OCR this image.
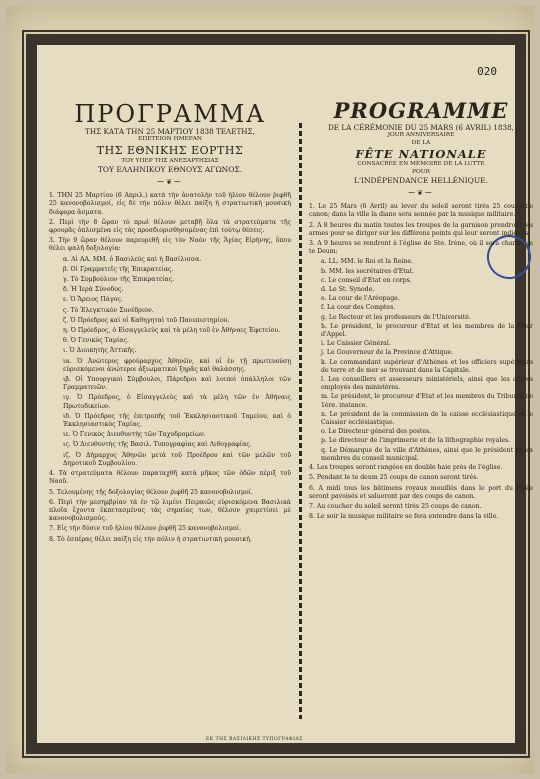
020
ΠΡΟΓΡΑΜΜΑ
ΤΗΣ ΚΑΤΑ ΤΗΝ 25 ΜΑΡΤΙΟΥ 1838 ΤΕΛΕΤΗΣ,
ΕΠΕΤΕΙΟΝ ΗΜΕΡΑΝ
ΤΗΣ ΕΘΝΙΚΗΣ ΕΟΡΤΗΣ
ΤΟΥ ΥΠΕΡ ΤΗΣ ΑΝΕΞΑΡΤΗΣΙΑΣ
ΤΟΥ ΕΛΛΗΝΙΚΟΥ ΕΘΝΟΥΣ ΑΓΩΝΟΣ.
⁓❦⁓

1. ΤΗΝ 25 Μαρτίου (6 Απριλ.) κατὰ τὴν ἀνατολὴν τοῦ ἡλίου θέλουν ῥιφθῆ 25 κανονοβολισμοί, εἰς δὲ τὴν πόλιν θέλει παίξη ἡ στρατιωτικὴ μουσικὴ διάφορα ἄσματα.

2. Περὶ τὴν 8 ὥραν τὸ πρωὶ θέλουν μεταβῆ ὅλα τὰ στρατεύματα τῆς φρουρᾶς ὁπλισμένα εἰς τὰς προσδιορισθησομένας ἐπὶ τούτῳ θέσεις.

3. Τὴν 9 ὥραν θέλουν παρευρεθῆ εἰς τὸν Ναὸν τῆς Ἁγίας Εἰρήνης, ὅπου θέλει ψαλῆ δοξολογία:

α. Αἱ ΑΑ. ΜΜ. ὁ Βασιλεὺς καὶ ἡ Βασίλισσα.

β. Οἱ Γραμματεῖς τῆς Ἐπικρατείας.

γ. Τὸ Συμβούλιον τῆς Ἐπικρατείας.

δ. Ἡ Ἱερὰ Σύνοδος.

ε. Ὁ Ἄρειος Πάγος.

ς. Τὸ Ἐλεγκτικὸν Συνέδριον.

ζ. Ὁ Πρόεδρος καὶ οἱ Καθηγηταὶ τοῦ Πανεπιστημίου.

η. Ὁ Πρόεδρος, ὁ Εἰσαγγελεὺς καὶ τὰ μέλη τοῦ ἐν Ἀθήναις Ἐφετείου.

θ. Ὁ Γενικὸς Ταμίας.

ι. Ὁ Διοικητὴς Ἀττικῆς.

ια. Ὁ Ἀνώτερος φρούραρχος Ἀθηνῶν, καὶ οἱ ἐν τῇ πρωτευούσῃ εὑρισκόμενοι ἀνώτεροι ἀξιωματικοὶ ξηρᾶς καὶ θαλάσσης.

ιβ. Οἱ Υπουργικοὶ Σύμβουλοι, Πάρεδροι καὶ λοιποὶ ὑπάλληλοι τῶν Γραμματειῶν.

ιγ. Ὁ Πρόεδρος, ὁ Εἰσαγγελεὺς καὶ τὰ μέλη τῶν ἐν Ἀθήναις Πρωτοδικείων.

ιδ. Ὁ Πρόεδρος τῆς ἐπιτροπῆς τοῦ Ἐκκλησιαστικοῦ Ταμείου, καὶ ὁ Ἐκκλησιαστικὸς Ταμίας.

ιε. Ὁ Γενικὸς Διευθυντὴς τῶν Ταχυδρομείων.

ις. Ὁ Διευθυντὴς τῆς Βασιλ. Τυπογραφίας καὶ Λιθογραφίας.

ιζ. Ὁ Δήμαρχος Ἀθηνῶν μετὰ τοῦ Προέδρου καὶ τῶν μελῶν τοῦ Δημοτικοῦ Συμβουλίου.

4. Τὰ στρατεύματα θέλουν παραταχθῆ κατὰ μῆκος τῶν ὁδῶν πέριξ τοῦ Ναοῦ.

5. Τελουμένης τῆς δοξολογίας θέλουν ῥιφθῆ 25 κανονοβολισμοί.

6. Περὶ τὴν μεσημβρίαν τὰ ἐν τῷ λιμένι Πειραιῶς εὑρισκόμενα Βασιλικὰ πλοῖα ἔχοντα ἐκπετασμένας τὰς σημαίας των, θέλουν χαιρετίσει μὲ κανονοβολισμούς.

7. Εἰς τὴν δύσιν τοῦ ἡλίου θέλουν ῥιφθῆ 25 κανονοβολισμοί.

8. Τὸ ἑσπέρας θέλει παίξη εἰς τὴν πόλιν ἡ στρατιωτικὴ μουσική.

PROGRAMME
DE LA CÉRÉMONIE DU 25 MARS (6 AVRIL) 1838,
JOUR ANNIVERSAIRE
DE LA
FÊTE NATIONALE
CONSACRÉE EN MÉMOIRE DE LA LUTTE
POUR
L'INDÉPENDANCE HELLÉNIQUE.
⁓❦⁓

1. Le 25 Mars (6 Avril) au lever du soleil seront tirés 25 coups de canon; dans la ville la diane sera sonnée par la musique militaire.

2. A 8 heures du matin toutes les troupes de la garnison prendront les armes pour se diriger sur les différens points qui leur seront indiqués.

3. A 9 heures se rendront à l'église de Ste. Irène, où il sera chanté un te Deum:

a. LL. MM. le Roi et la Reine.

b. MM. les secrétaires d'Etat.

c. Le conseil d'Etat en corps.

d. Le St. Synode.

e. La cour de l'Aréopage.

f. La cour des Comptes.

g. Le Recteur et les professeurs de l'Université.

h. Le président, le procureur d'Etat et les membres de la Cour d'Appel.

i. Le Caissier Général.

j. Le Gouverneur de la Province d'Attique.

k. Le commandant supérieur d'Athènes et les officiers supérieurs de terre et de mer se trouvant dans la Capitale.

l. Les conseillers et assesseurs ministériels, ainsi que les autres employés des ministères.

m. Le président, le procureur d'Etat et les membres du Tribunal de 1ère. instance.

n. Le président de la commission de la caisse ecclésiastique et le Caissier ecclésiastique.

o. Le Directeur général des postes.

p. Le directeur de l'imprimerie et de la lithographie royales.

q. Le Démarque de la ville d'Athènes, ainsi que le président et les membres du conseil municipal.

4. Les troupes seront rangées en double haie près de l'église.

5. Pendant le te deum 25 coups de canon seront tirés.

6. A midi tous les bâtimens royaux mouillés dans le port du Pirée seront pavoisés et salueront par des coups de canon.

7. Au coucher du soleil seront tirés 25 coups de canon.

8. Le soir la musique militaire se fera entendre dans la ville.

ΕΚ ΤΗΣ ΒΑΣΙΛΙΚΗΣ ΤΥΠΟΓΡΑΦΙΑΣ
